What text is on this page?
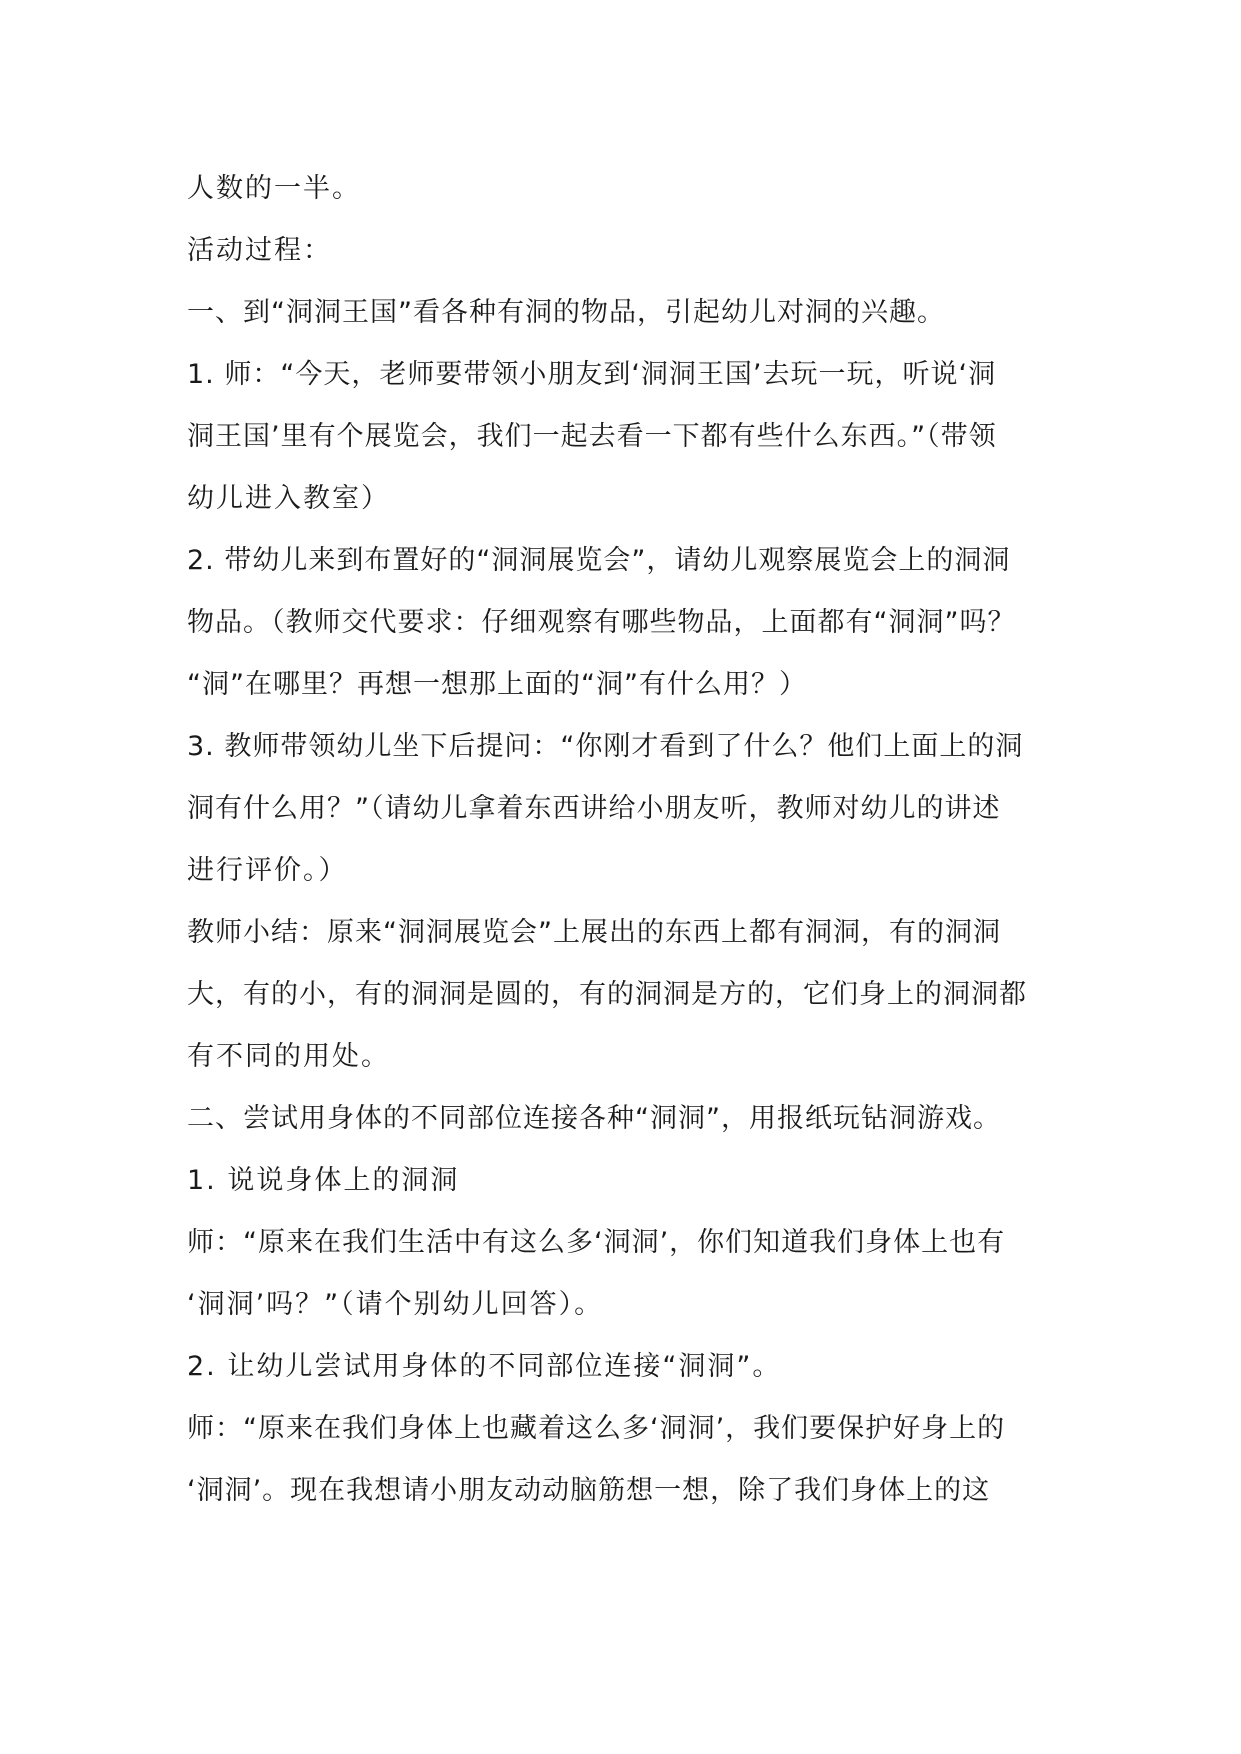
人数的一半。
活动过程：
一、到“洞洞王国”看各种有洞的物品，引起幼儿对洞的兴趣。
1. 师：“今天，老师要带领小朋友到‘洞洞王国’去玩一玩，听说‘洞
洞王国’里有个展览会，我们一起去看一下都有些什么东西。”（带领
幼儿进入教室）
2. 带幼儿来到布置好的“洞洞展览会”，请幼儿观察展览会上的洞洞
物品。（教师交代要求：仔细观察有哪些物品，上面都有“洞洞”吗？
“洞”在哪里？再想一想那上面的“洞”有什么用？）
3. 教师带领幼儿坐下后提问：“你刚才看到了什么？他们上面上的洞
洞有什么用？”（请幼儿拿着东西讲给小朋友听，教师对幼儿的讲述
进行评价。）
教师小结：原来“洞洞展览会”上展出的东西上都有洞洞，有的洞洞
大，有的小，有的洞洞是圆的，有的洞洞是方的，它们身上的洞洞都
有不同的用处。
二、尝试用身体的不同部位连接各种“洞洞”，用报纸玩钻洞游戏。
1. 说说身体上的洞洞
师：“原来在我们生活中有这么多‘洞洞’，你们知道我们身体上也有
‘洞洞’吗？”（请个别幼儿回答）。
2. 让幼儿尝试用身体的不同部位连接“洞洞”。
师：“原来在我们身体上也藏着这么多‘洞洞’，我们要保护好身上的
‘洞洞’。现在我想请小朋友动动脑筋想一想，除了我们身体上的这
